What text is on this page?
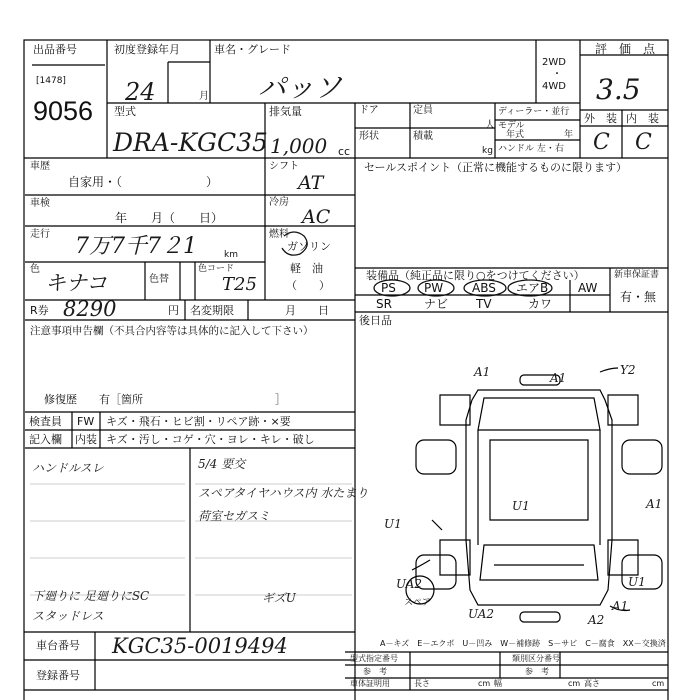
出品番号
[1478]
9056
初度登録年月
24	月
車名・グレード
パッソ
2WD
・
4WD
評　価　点
3.5
外　装 内　装
C C
型式
DRA-KGC35
排気量
1,000 cc
ドア	定員
人
ディーラー・並行
モデル
年式	年
形状	積載
kg ハンドル 左・右
車歴
自家用・（　　　　　　　）
車検
年　　月（　　日）
走行 7万7千7２1	km
色
キナコ	色替
色コード
T25
R券 8290	円 名変期限	月　　日
注意事項申告欄（不具合内容等は具体的に記入して下さい）
修復歴　　有［箇所　　　　　　　　　　　　］
検査員 FW キズ・飛石・ヒビ割・リペア跡・×要
記入欄 内装 キズ・汚し・コゲ・穴・ヨレ・キレ・破し
ハンドルスレ	5/4 要交
スペアタイヤハウス内 水たまり
荷室セガスミ
下廻りに 足廻りにSC
スタッドレス
ギズU
車台番号 KGC35-0019494
登録番号
シフト
AT
冷房
AC
燃料
ガソリン
軽　油
（　　）
セールスポイント（正常に機能するものに限ります）
装備品（純正品に限り○をつけてください）	新車保証書
有・無
PS PW ABS エアB AW
SR	ナビ TV	カワ
後日品
A1	A1
Y2
U1	A1
U1
UA2
A1
UA2	A2
U1
スペア
A－キズ　E－エクボ　U－凹み　W－補修跡　S－サビ　C－腐食　XX－交換済
型式指定番号	類別区分番号
参　考	参　考
車体証明用	長さ	cm 幅	cm 高さ	cm
